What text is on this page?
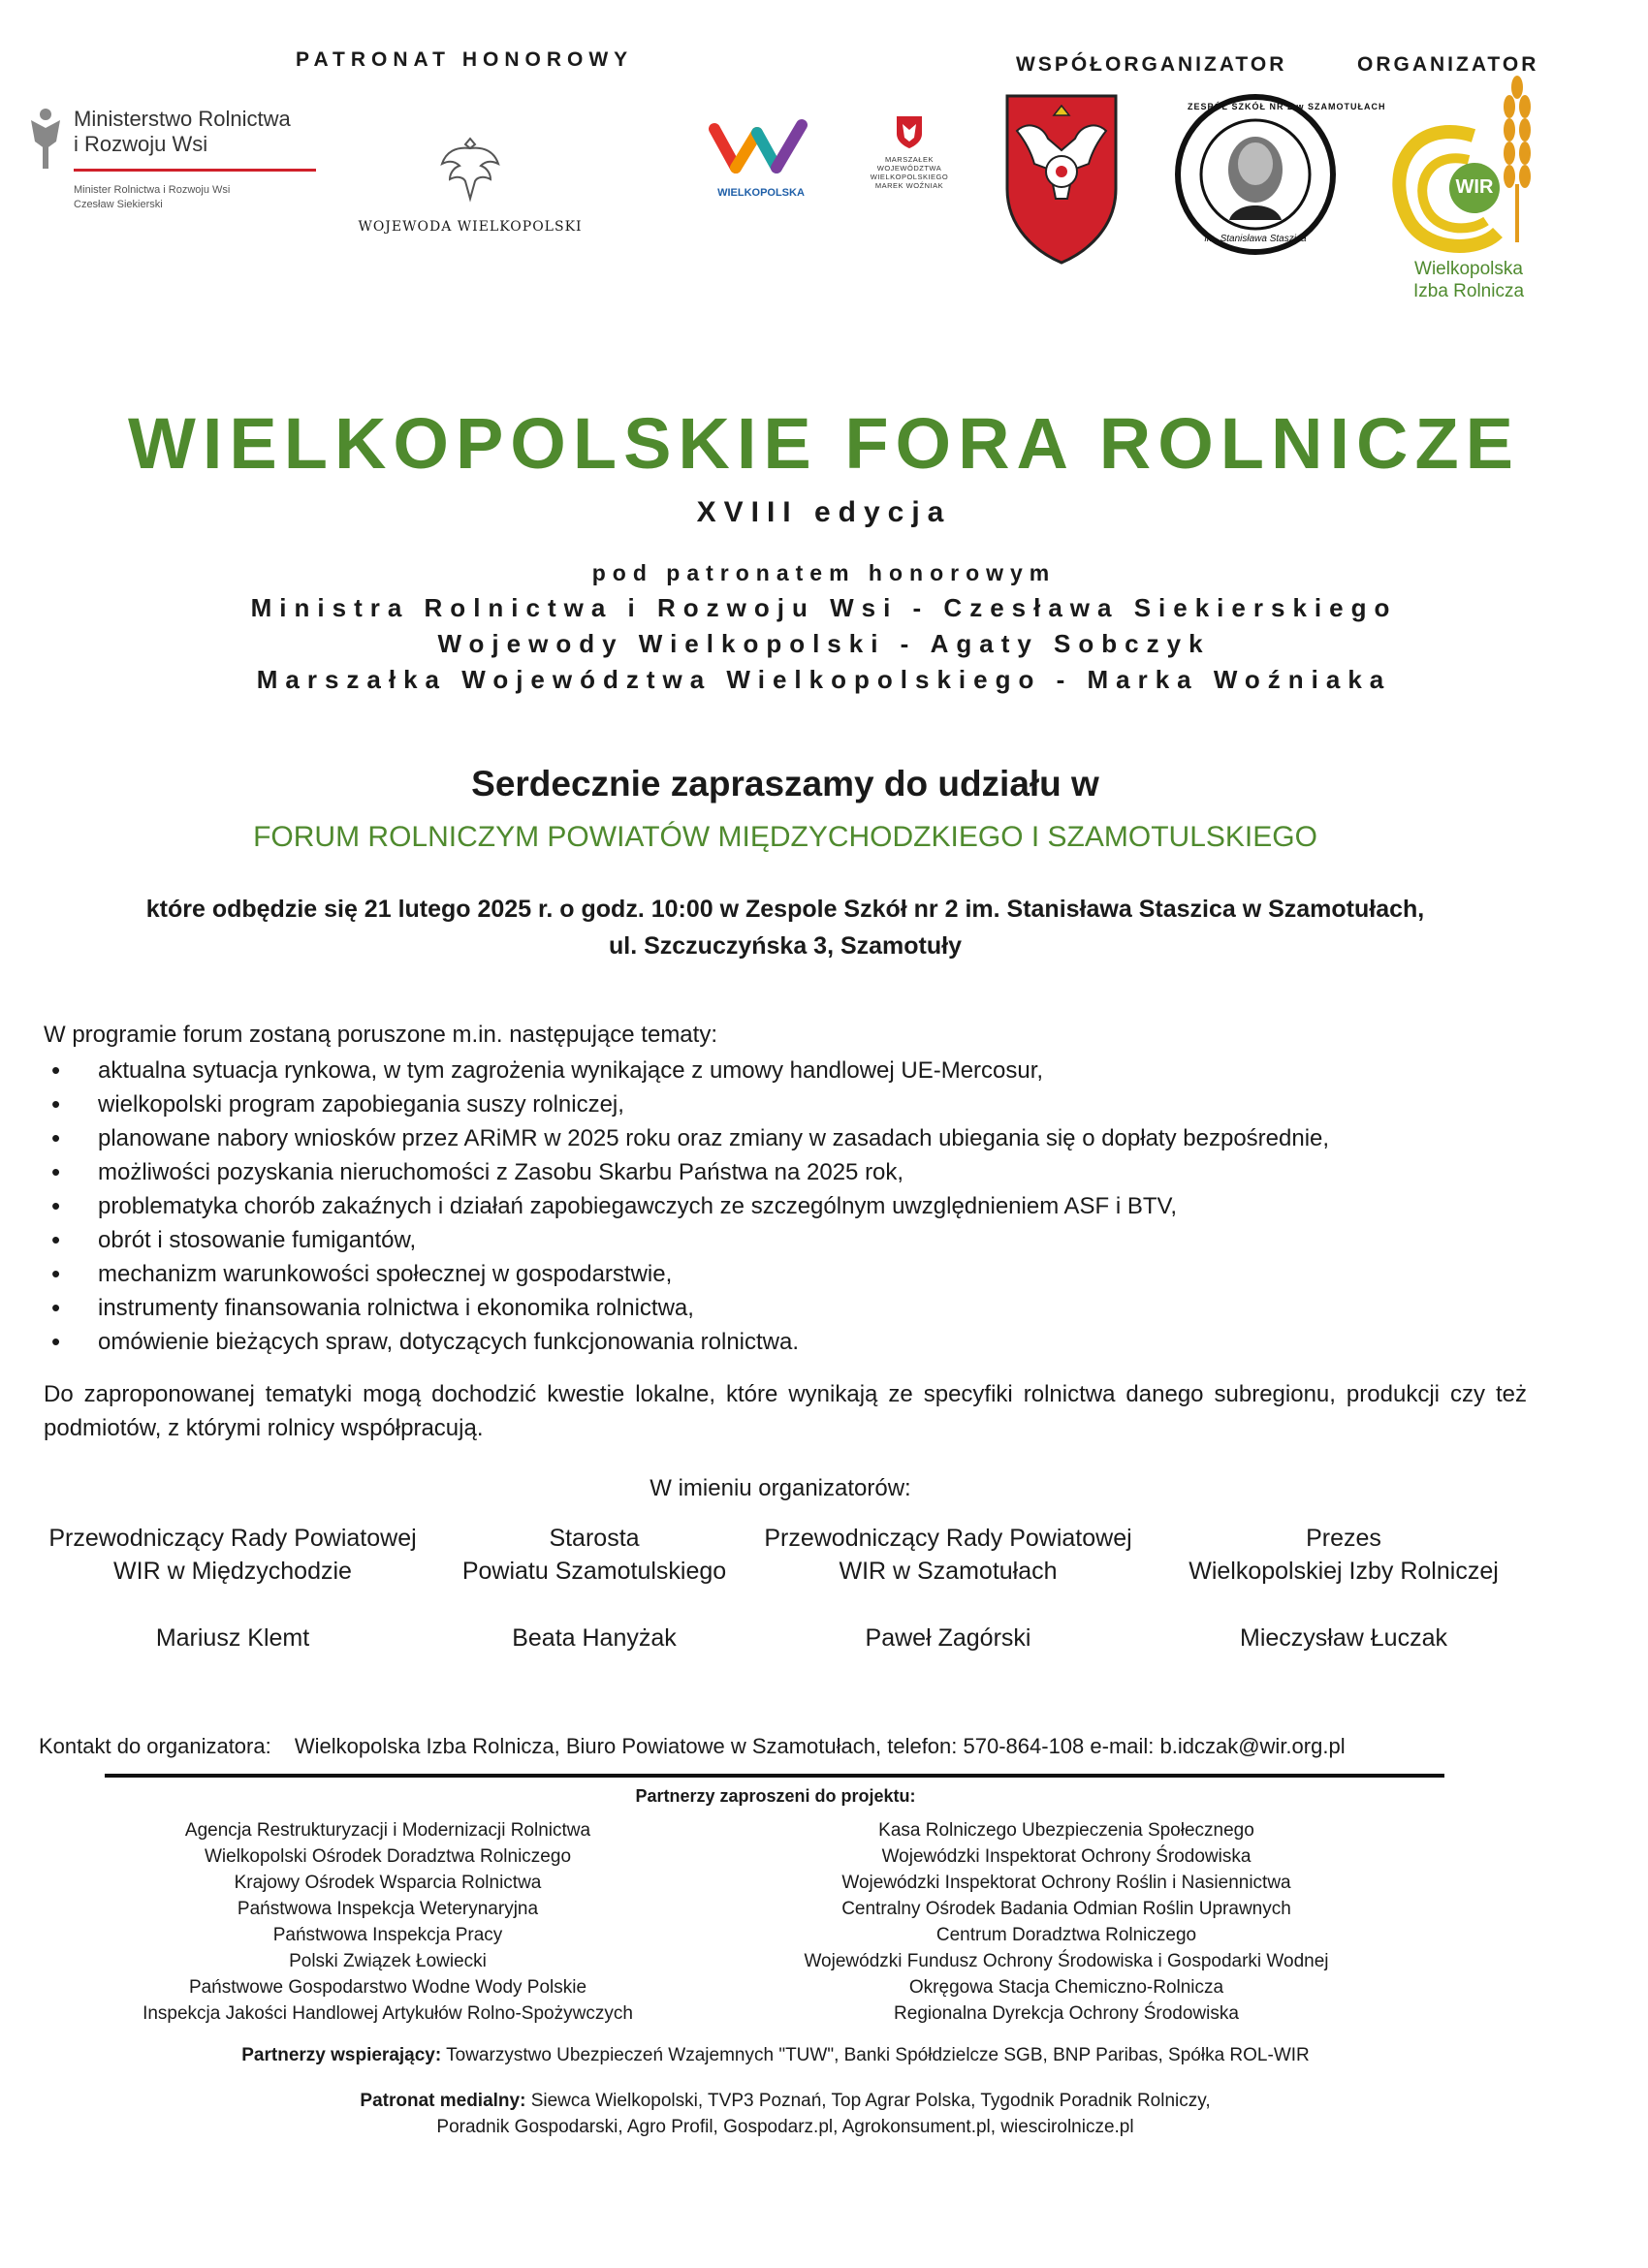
PATRONAT HONOROWY	WSPÓŁORGANIZATOR	ORGANIZATOR
Ministerstwo Rolnictwa
i Rozwoju Wsi
Minister Rolnictwa i Rozwoju Wsi
Czesław Siekierski
WOJEWODA WIELKOPOLSKI
WIELKOPOLSKA
MARSZAŁEK
WOJEWÓDZTWA
WIELKOPOLSKIEGO
MAREK WOŹNIAK
ZESPÓŁ SZKÓŁ NR 2 w SZAMOTUŁACH
im. Stanisława Staszica
WIR
Wielkopolska
Izba Rolnicza
WIELKOPOLSKIE FORA ROLNICZE
XVIII edycja
pod patronatem honorowym
Ministra Rolnictwa i Rozwoju Wsi - Czesława Siekierskiego
Wojewody Wielkopolski - Agaty Sobczyk
Marszałka Województwa Wielkopolskiego - Marka Woźniaka
Serdecznie zapraszamy do udziału w
FORUM ROLNICZYM POWIATÓW MIĘDZYCHODZKIEGO I SZAMOTULSKIEGO
które odbędzie się 21 lutego 2025 r. o godz. 10:00 w Zespole Szkół nr 2 im. Stanisława Staszica w Szamotułach,
ul. Szczuczyńska 3, Szamotuły
W programie forum zostaną poruszone m.in. następujące tematy:
• aktualna sytuacja rynkowa, w tym zagrożenia wynikające z umowy handlowej UE-Mercosur,
• wielkopolski program zapobiegania suszy rolniczej,
• planowane nabory wniosków przez ARiMR w 2025 roku oraz zmiany w zasadach ubiegania się o dopłaty bezpośrednie,
• możliwości pozyskania nieruchomości z Zasobu Skarbu Państwa na 2025 rok,
• problematyka chorób zakaźnych i działań zapobiegawczych ze szczególnym uwzględnieniem ASF i BTV,
• obrót i stosowanie fumigantów,
• mechanizm warunkowości społecznej w gospodarstwie,
• instrumenty finansowania rolnictwa i ekonomika rolnictwa,
• omówienie bieżących spraw, dotyczących funkcjonowania rolnictwa.
Do zaproponowanej tematyki mogą dochodzić kwestie lokalne, które wynikają ze specyfiki rolnictwa danego subregionu, produkcji czy też podmiotów, z którymi rolnicy współpracują.
W imieniu organizatorów:
Przewodniczący Rady Powiatowej
WIR w Międzychodzie
Mariusz Klemt
Starosta
Powiatu Szamotulskiego
Beata Hanyżak
Przewodniczący Rady Powiatowej
WIR w Szamotułach
Paweł Zagórski
Prezes
Wielkopolskiej Izby Rolniczej
Mieczysław Łuczak
Kontakt do organizatora: Wielkopolska Izba Rolnicza, Biuro Powiatowe w Szamotułach, telefon: 570-864-108 e-mail: b.idczak@wir.org.pl
Partnerzy zaproszeni do projektu:
Agencja Restrukturyzacji i Modernizacji Rolnictwa
Wielkopolski Ośrodek Doradztwa Rolniczego
Krajowy Ośrodek Wsparcia Rolnictwa
Państwowa Inspekcja Weterynaryjna
Państwowa Inspekcja Pracy
Polski Związek Łowiecki
Państwowe Gospodarstwo Wodne Wody Polskie
Inspekcja Jakości Handlowej Artykułów Rolno-Spożywczych
Kasa Rolniczego Ubezpieczenia Społecznego
Wojewódzki Inspektorat Ochrony Środowiska
Wojewódzki Inspektorat Ochrony Roślin i Nasiennictwa
Centralny Ośrodek Badania Odmian Roślin Uprawnych
Centrum Doradztwa Rolniczego
Wojewódzki Fundusz Ochrony Środowiska i Gospodarki Wodnej
Okręgowa Stacja Chemiczno-Rolnicza
Regionalna Dyrekcja Ochrony Środowiska
Partnerzy wspierający: Towarzystwo Ubezpieczeń Wzajemnych "TUW", Banki Spółdzielcze SGB, BNP Paribas, Spółka ROL-WIR
Patronat medialny: Siewca Wielkopolski, TVP3 Poznań, Top Agrar Polska, Tygodnik Poradnik Rolniczy,
Poradnik Gospodarski, Agro Profil, Gospodarz.pl, Agrokonsument.pl, wiescirolnicze.pl
